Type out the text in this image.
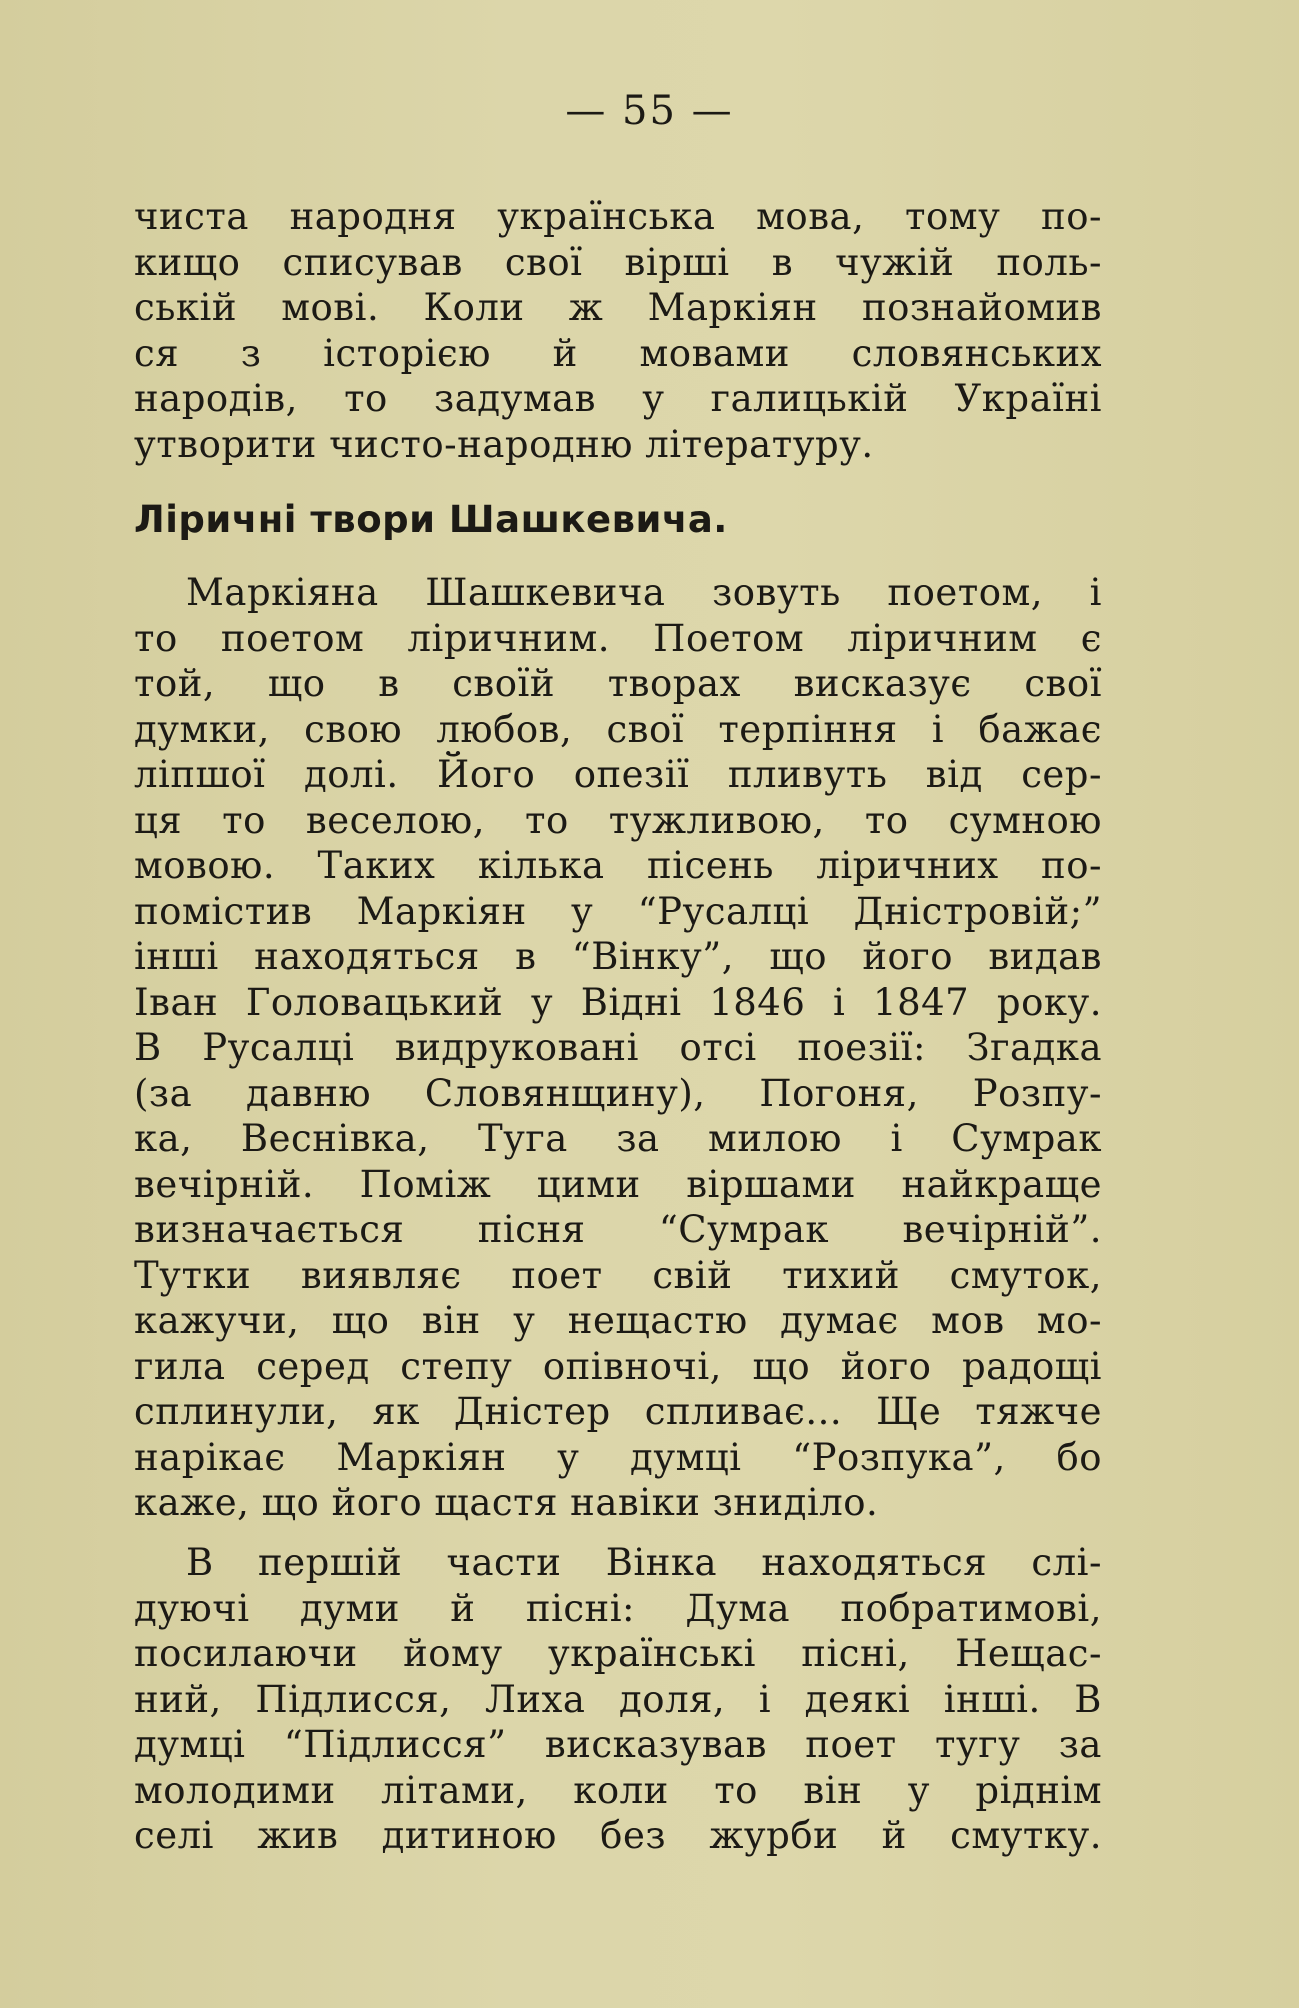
— 55 —
чиста народня українська мова, тому по-
кищо списував свої вірші в чужій поль-
ській мові. Коли ж Маркіян познайомив
ся з історією й мовами словянських
народів, то задумав у галицькій Україні
утворити чисто-народню літературу.
Ліричні твори Шашкевича.
Маркіяна Шашкевича зовуть поетом, і
то поетом ліричним. Поетом ліричним є
той, що в своїй творах висказує свої
думки, свою любов, свої терпіння і бажає
ліпшої долі. Його опезії пливуть від сер-
ця то веселою, то тужливою, то сумною
мовою. Таких кілька пісень ліричних по-
помістив Маркіян у “Русалці Дністровій;”
інші находяться в “Вінку”, що його видав
Іван Головацький у Відні 1846 і 1847 року.
В Русалці видруковані отсі поезії: Згадка
(за давню Словянщину), Погоня, Розпу-
ка, Веснівка, Туга за милою і Сумрак
вечірній. Поміж цими віршами найкраще
визначається пісня “Сумрак вечірній”.
Тутки виявляє поет свій тихий смуток,
кажучи, що він у нещастю думає мов мо-
гила серед степу опівночі, що його радощі
сплинули, як Дністер спливає... Ще тяжче
нарікає Маркіян у думці “Розпука”, бо
каже, що його щастя навіки зниділо.
В першій части Вінка находяться слі-
дуючі думи й пісні: Дума побратимові,
посилаючи йому українськi пісні, Нещас-
ний, Підлисся, Лиха доля, і деякі інші. В
думці “Підлисся” висказував поет тугу за
молодими літами, коли то він у ріднім
селі жив дитиною без журби й смутку.
